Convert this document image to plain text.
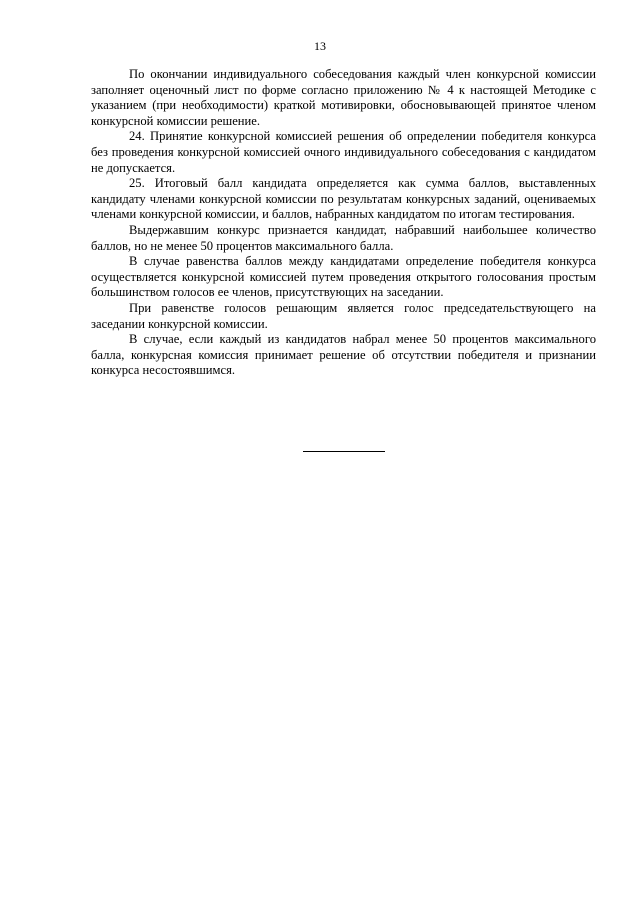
13

По окончании индивидуального собеседования каждый член конкурсной комиссии заполняет оценочный лист по форме согласно приложению № 4 к настоящей Методике с указанием (при необходимости) краткой мотивировки, обосновывающей принятое членом конкурсной комиссии решение.

24. Принятие конкурсной комиссией решения об определении победителя конкурса без проведения конкурсной комиссией очного индивидуального собеседования с кандидатом не допускается.

25. Итоговый балл кандидата определяется как сумма баллов, выставленных кандидату членами конкурсной комиссии по результатам конкурсных заданий, оцениваемых членами конкурсной комиссии, и баллов, набранных кандидатом по итогам тестирования.

Выдержавшим конкурс признается кандидат, набравший наибольшее количество баллов, но не менее 50 процентов максимального балла.

В случае равенства баллов между кандидатами определение победителя конкурса осуществляется конкурсной комиссией путем проведения открытого голосования простым большинством голосов ее членов, присутствующих на заседании.

При равенстве голосов решающим является голос председательствующего на заседании конкурсной комиссии.

В случае, если каждый из кандидатов набрал менее 50 процентов максимального балла, конкурсная комиссия принимает решение об отсутствии победителя и признании конкурса несостоявшимся.
